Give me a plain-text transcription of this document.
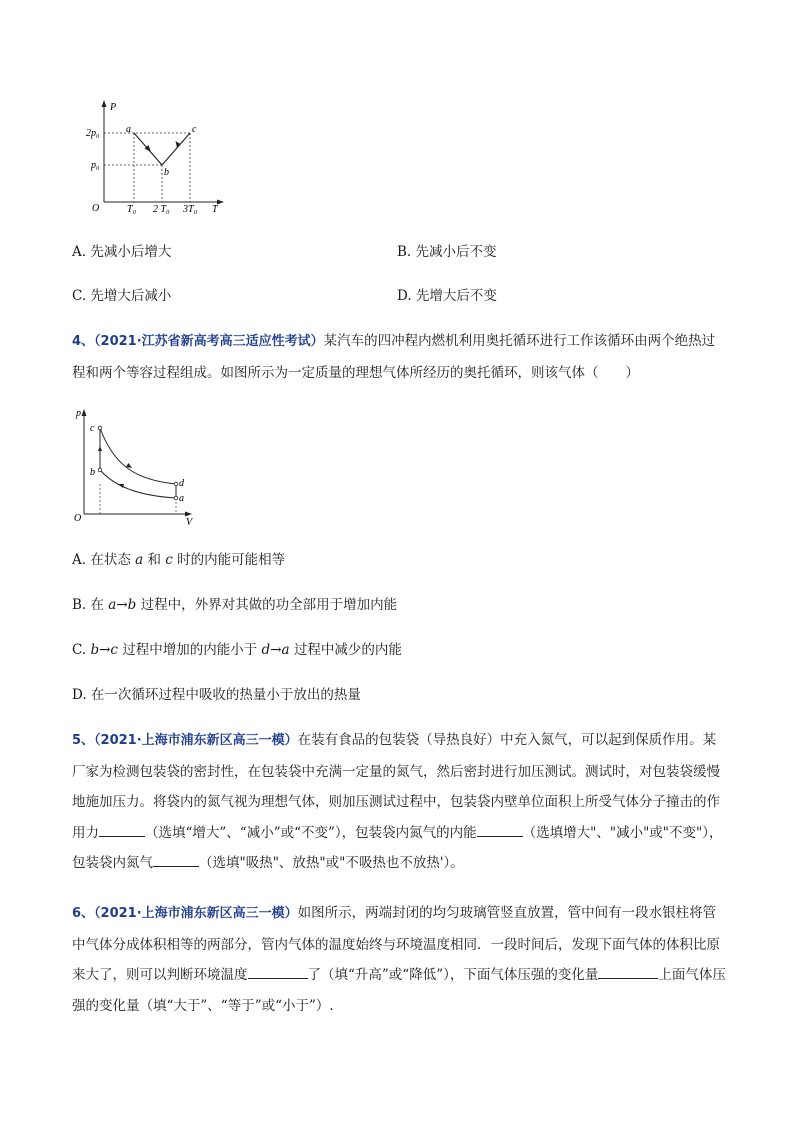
P
T
O
$2p_0$
$p_0$
$T_0$ 2 $T_0$ $3T_0$
a
b
c
A. 先减小后增大	B. 先减小后不变
C. 先增大后减小	D. 先增大后不变
4、（2021·江苏省新高考高三适应性考试）某汽车的四冲程内燃机利用奥托循环进行工作该循环由两个绝热过程和两个等容过程组成。如图所示为一定质量的理想气体所经历的奥托循环，则该气体（　　）
p
V
O
c
b
d
a
A. 在状态 a 和 c 时的内能可能相等
B. 在 a→b 过程中，外界对其做的功全部用于增加内能
C. b→c 过程中增加的内能小于 d→a 过程中减少的内能
D. 在一次循环过程中吸收的热量小于放出的热量
5、（2021·上海市浦东新区高三一模）在装有食品的包装袋（导热良好）中充入氮气，可以起到保质作用。某厂家为检测包装袋的密封性，在包装袋中充满一定量的氮气，然后密封进行加压测试。测试时，对包装袋缓慢地施加压力。将袋内的氮气视为理想气体，则加压测试过程中，包装袋内壁单位面积上所受气体分子撞击的作用力	（选填“增大”、“减小”或“不变”），包装袋内氮气的内能	（选填增大"、"减小"或"不变"），包装袋内氮气	（选填"吸热"、放热"或"不吸热也不放热'）。
6、（2021·上海市浦东新区高三一模）如图所示，两端封闭的均匀玻璃管竖直放置，管中间有一段水银柱将管中气体分成体积相等的两部分，管内气体的温度始终与环境温度相同．一段时间后，发现下面气体的体积比原来大了，则可以判断环境温度	了（填“升高”或“降低”），下面气体压强的变化量	上面气体压强的变化量（填“大于”、“等于”或“小于”）.
